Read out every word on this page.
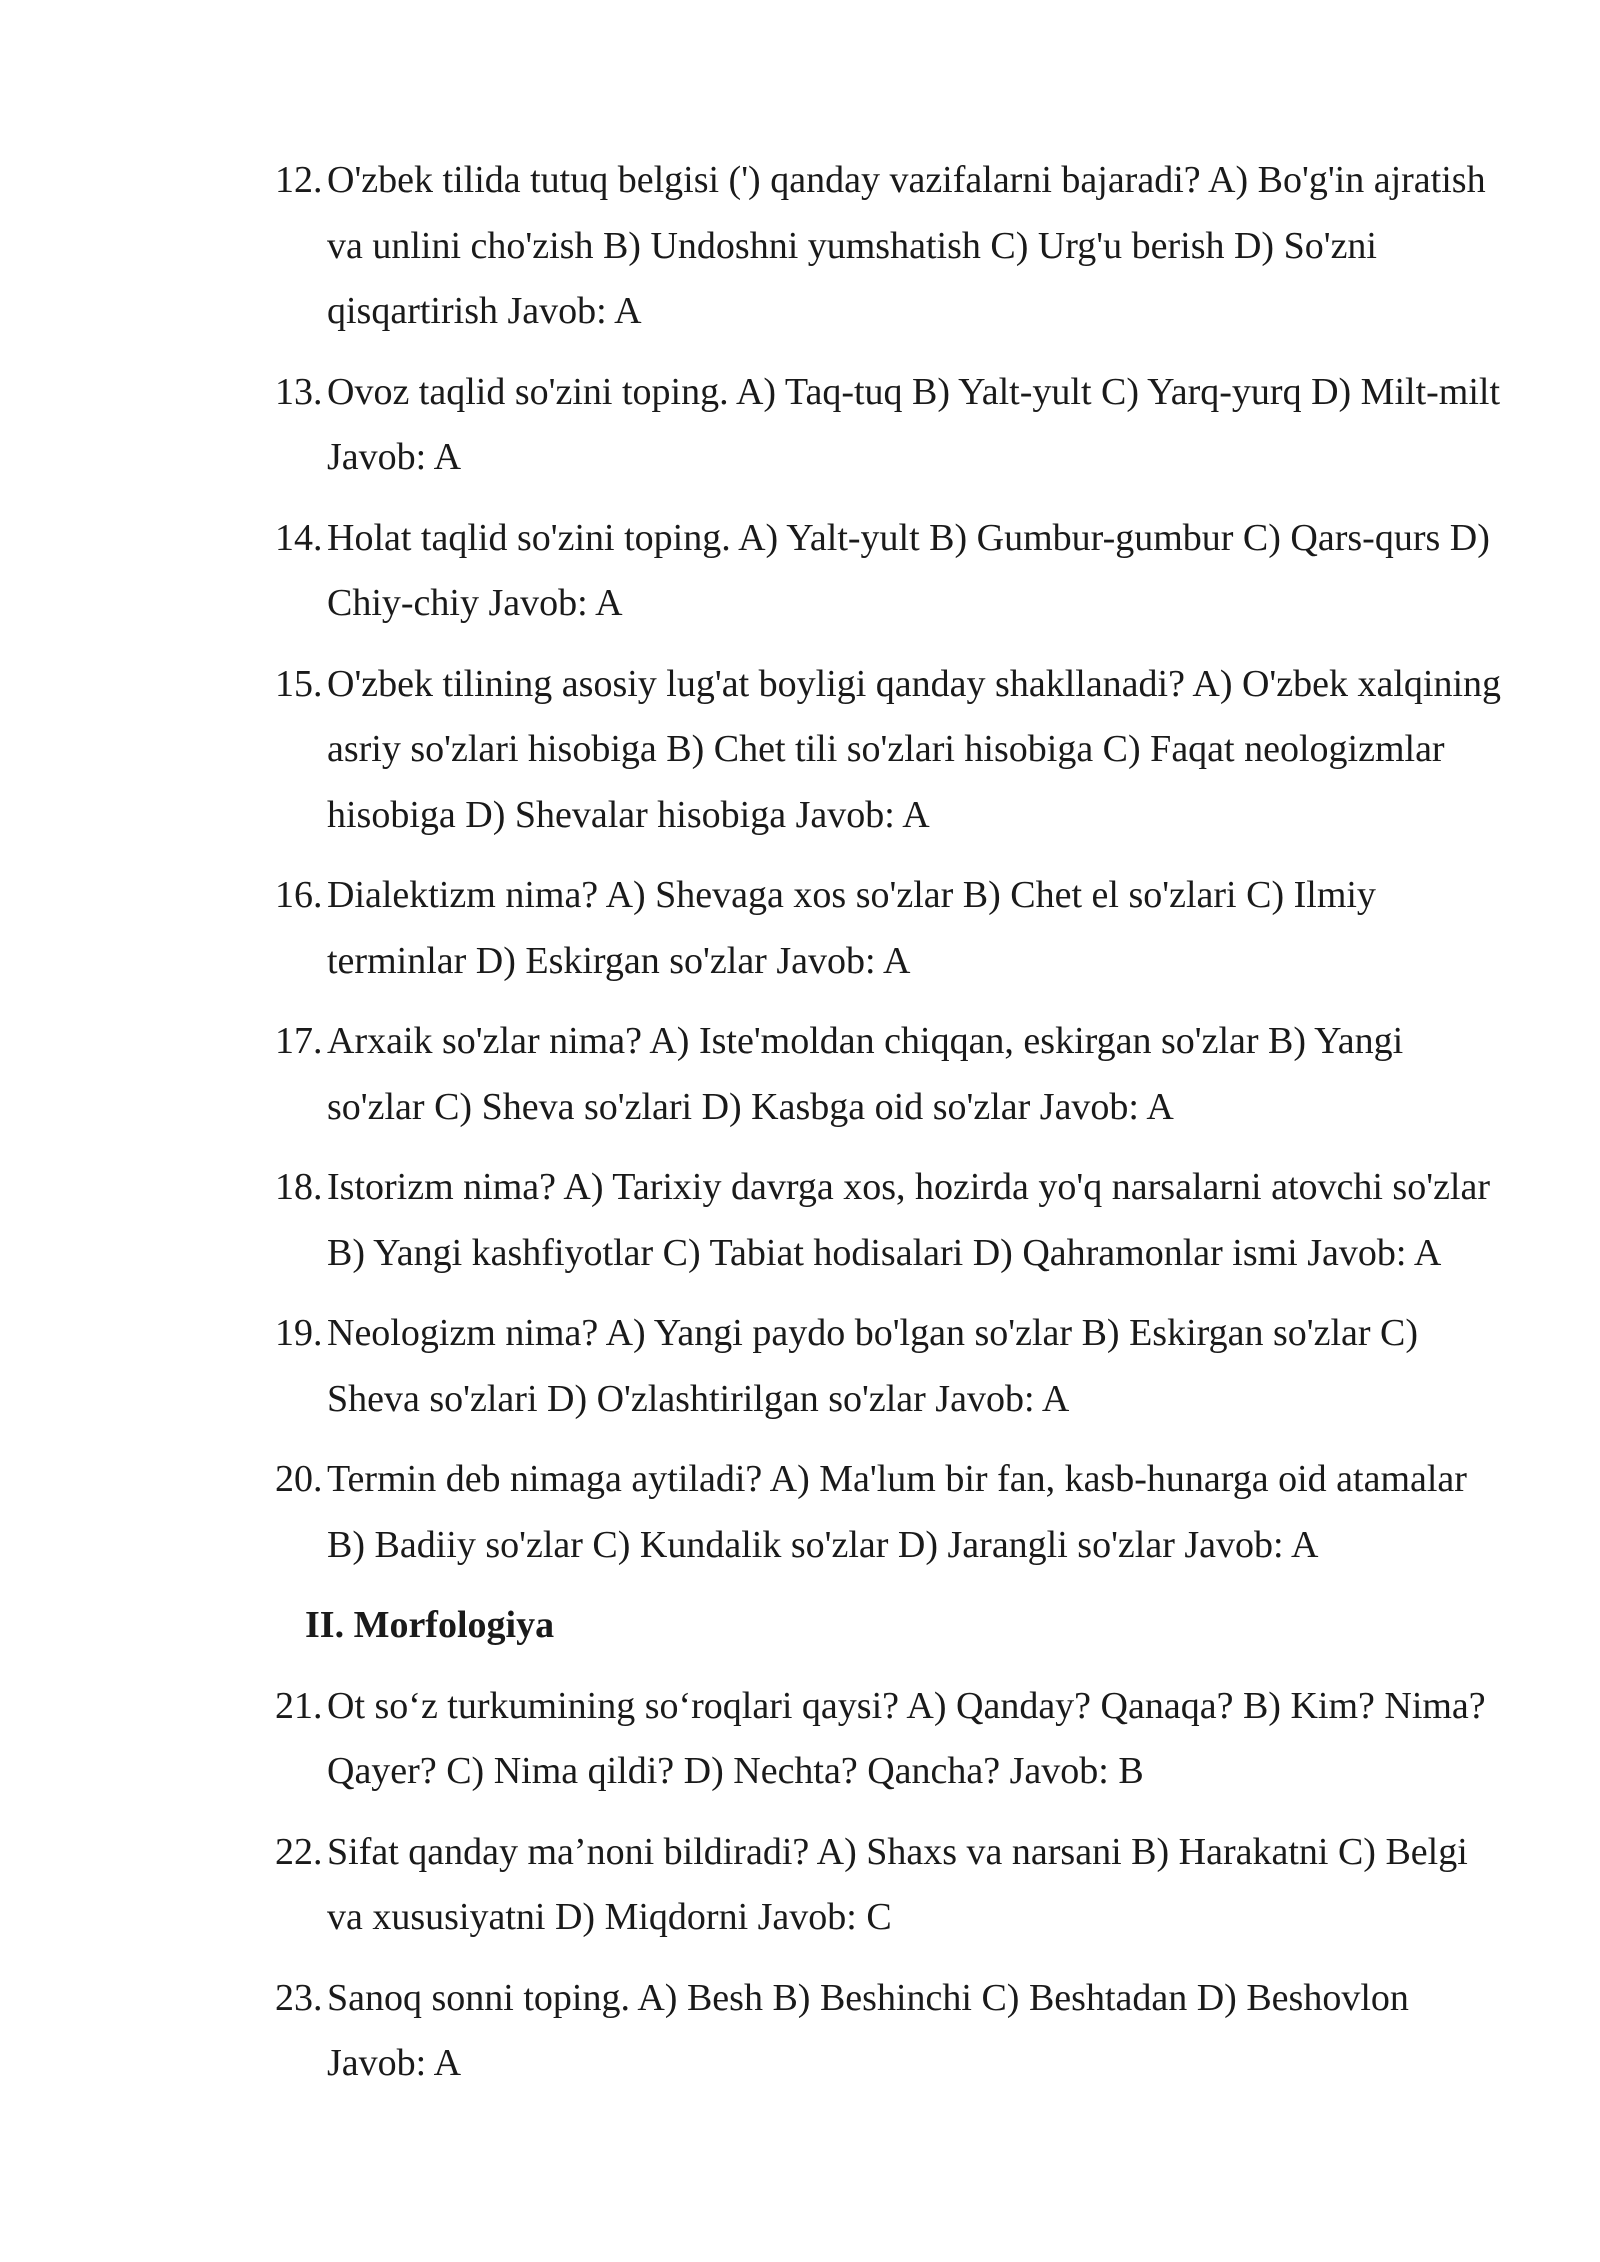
12. O'zbek tilida tutuq belgisi (') qanday vazifalarni bajaradi? A) Bo'g'in ajratish va unlini cho'zish B) Undoshni yumshatish C) Urg'u berish D) So'zni qisqartirish Javob: A
13. Ovoz taqlid so'zini toping. A) Taq-tuq B) Yalt-yult C) Yarq-yurq D) Milt-milt Javob: A
14. Holat taqlid so'zini toping. A) Yalt-yult B) Gumbur-gumbur C) Qars-qurs D) Chiy-chiy Javob: A
15. O'zbek tilining asosiy lug'at boyligi qanday shakllanadi? A) O'zbek xalqining asriy so'zlari hisobiga B) Chet tili so'zlari hisobiga C) Faqat neologizmlar hisobiga D) Shevalar hisobiga Javob: A
16. Dialektizm nima? A) Shevaga xos so'zlar B) Chet el so'zlari C) Ilmiy terminlar D) Eskirgan so'zlar Javob: A
17. Arxaik so'zlar nima? A) Iste'moldan chiqqan, eskirgan so'zlar B) Yangi so'zlar C) Sheva so'zlari D) Kasbga oid so'zlar Javob: A
18. Istorizm nima? A) Tarixiy davrga xos, hozirda yo'q narsalarni atovchi so'zlar B) Yangi kashfiyotlar C) Tabiat hodisalari D) Qahramonlar ismi Javob: A
19. Neologizm nima? A) Yangi paydo bo'lgan so'zlar B) Eskirgan so'zlar C) Sheva so'zlari D) O'zlashtirilgan so'zlar Javob: A
20. Termin deb nimaga aytiladi? A) Ma'lum bir fan, kasb-hunarga oid atamalar B) Badiiy so'zlar C) Kundalik so'zlar D) Jarangli so'zlar Javob: A
II. Morfologiya
21. Ot so‘z turkumining so‘roqlari qaysi? A) Qanday? Qanaqa? B) Kim? Nima? Qayer? C) Nima qildi? D) Nechta? Qancha? Javob: B
22. Sifat qanday ma’noni bildiradi? A) Shaxs va narsani B) Harakatni C) Belgi va xususiyatni D) Miqdorni Javob: C
23. Sanoq sonni toping. A) Besh B) Beshinchi C) Beshtadan D) Beshovlon Javob: A
